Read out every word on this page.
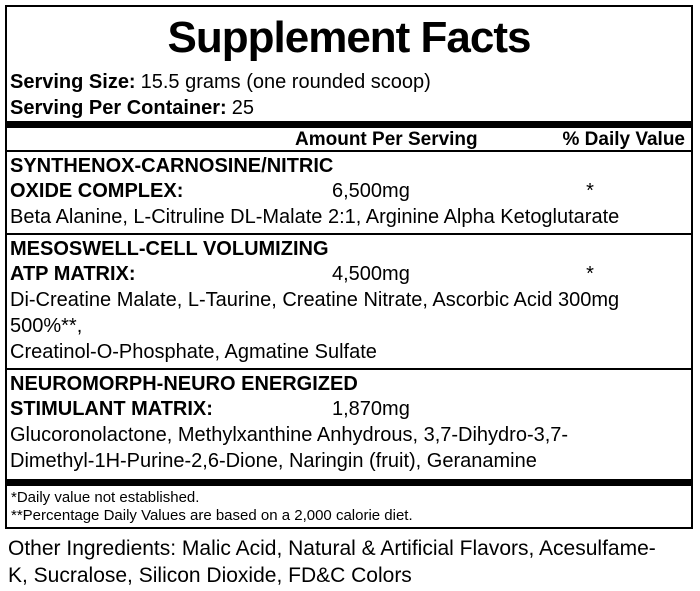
Supplement Facts
Serving Size: 15.5 grams (one rounded scoop)
Serving Per Container: 25
Amount Per Serving	% Daily Value
SYNTHENOX-CARNOSINE/NITRIC
OXIDE COMPLEX:	6,500mg	*
Beta Alanine, L-Citruline DL-Malate 2:1, Arginine Alpha Ketoglutarate
MESOSWELL-CELL VOLUMIZING
ATP MATRIX:	4,500mg	*
Di-Creatine Malate, L-Taurine, Creatine Nitrate, Ascorbic Acid 300mg 500%**,
Creatinol-O-Phosphate, Agmatine Sulfate
NEUROMORPH-NEURO ENERGIZED
STIMULANT MATRIX:	1,870mg
Glucoronolactone, Methylxanthine Anhydrous, 3,7-Dihydro-3,7-
Dimethyl-1H-Purine-2,6-Dione, Naringin (fruit), Geranamine
*Daily value not established.
**Percentage Daily Values are based on a 2,000 calorie diet.
Other Ingredients: Malic Acid, Natural & Artificial Flavors, Acesulfame-
K, Sucralose, Silicon Dioxide, FD&C Colors
